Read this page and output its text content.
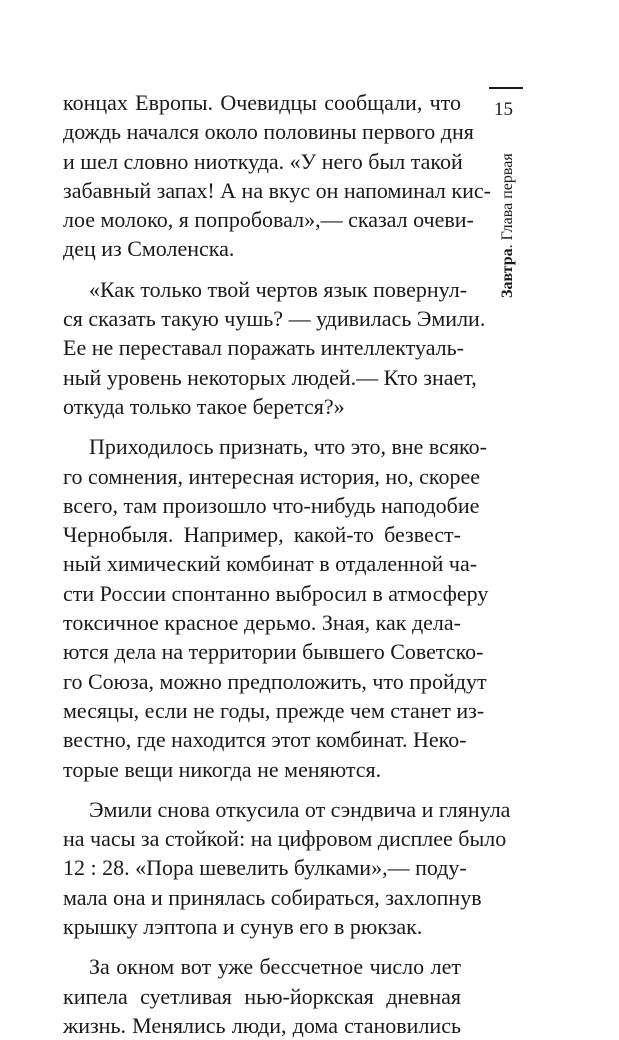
15
Завтра. Глава первая
концах Европы. Очевидцы сообщали, что
дождь начался около половины первого дня
и шел словно ниоткуда. «У него был такой
забавный запах! А на вкус он напоминал кис-
лое молоко, я попробовал»,— сказал очеви-
дец из Смоленска.
«Как только твой чертов язык повернул-
ся сказать такую чушь? — удивилась Эмили.
Ее не переставал поражать интеллектуаль-
ный уровень некоторых людей.— Кто знает,
откуда только такое берется?»
Приходилось признать, что это, вне всяко-
го сомнения, интересная история, но, скорее
всего, там произошло что-нибудь наподобие
Чернобыля. Например, какой-то безвест-
ный химический комбинат в отдаленной ча-
сти России спонтанно выбросил в атмосферу
токсичное красное дерьмо. Зная, как делa-
ются дела на территории бывшего Советско-
го Союза, можно предположить, что пройдут
месяцы, если не годы, прежде чем станет из-
вестно, где находится этот комбинат. Неко-
торые вещи никогда не меняются.
Эмили снова откусила от сэндвича и глянула
на часы за стойкой: на цифровом дисплее было
12 : 28. «Пора шевелить булками»,— поду-
мала она и принялась собираться, захлопнув
крышку лэптопа и сунув его в рюкзак.
За окном вот уже бессчетное число лет
кипела суетливая нью-йоркская дневная
жизнь. Менялись люди, дома становились
